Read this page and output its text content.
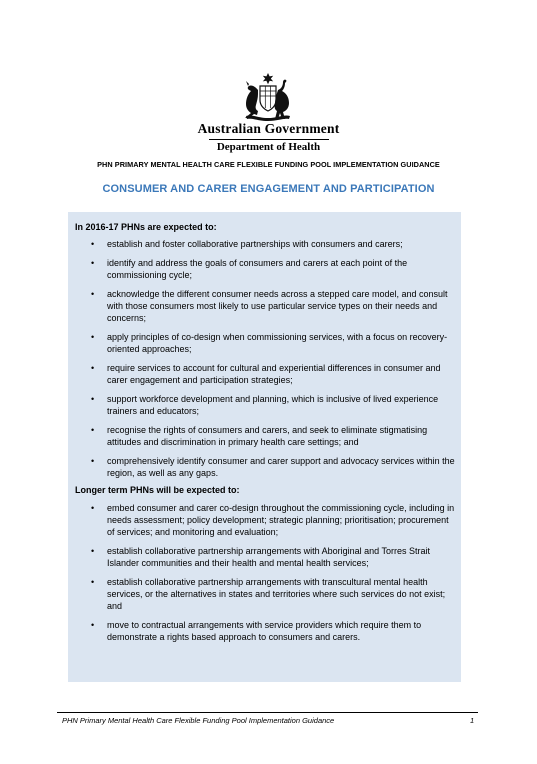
Australian Government
Department of Health
PHN PRIMARY MENTAL HEALTH CARE FLEXIBLE FUNDING POOL IMPLEMENTATION GUIDANCE
CONSUMER AND CARER ENGAGEMENT AND PARTICIPATION
In 2016-17 PHNs are expected to:
• establish and foster collaborative partnerships with consumers and carers;
• identify and address the goals of consumers and carers at each point of the commissioning cycle;
• acknowledge the different consumer needs across a stepped care model, and consult with those consumers most likely to use particular service types on their needs and concerns;
• apply principles of co-design when commissioning services, with a focus on recovery-oriented approaches;
• require services to account for cultural and experiential differences in consumer and carer engagement and participation strategies;
• support workforce development and planning, which is inclusive of lived experience trainers and educators;
• recognise the rights of consumers and carers, and seek to eliminate stigmatising attitudes and discrimination in primary health care settings; and
• comprehensively identify consumer and carer support and advocacy services within the region, as well as any gaps.
Longer term PHNs will be expected to:
• embed consumer and carer co-design throughout the commissioning cycle, including in needs assessment; policy development; strategic planning; prioritisation; procurement of services; and monitoring and evaluation;
• establish collaborative partnership arrangements with Aboriginal and Torres Strait Islander communities and their health and mental health services;
• establish collaborative partnership arrangements with transcultural mental health services, or the alternatives in states and territories where such services do not exist; and
• move to contractual arrangements with service providers which require them to demonstrate a rights based approach to consumers and carers.
PHN Primary Mental Health Care Flexible Funding Pool Implementation Guidance	1
